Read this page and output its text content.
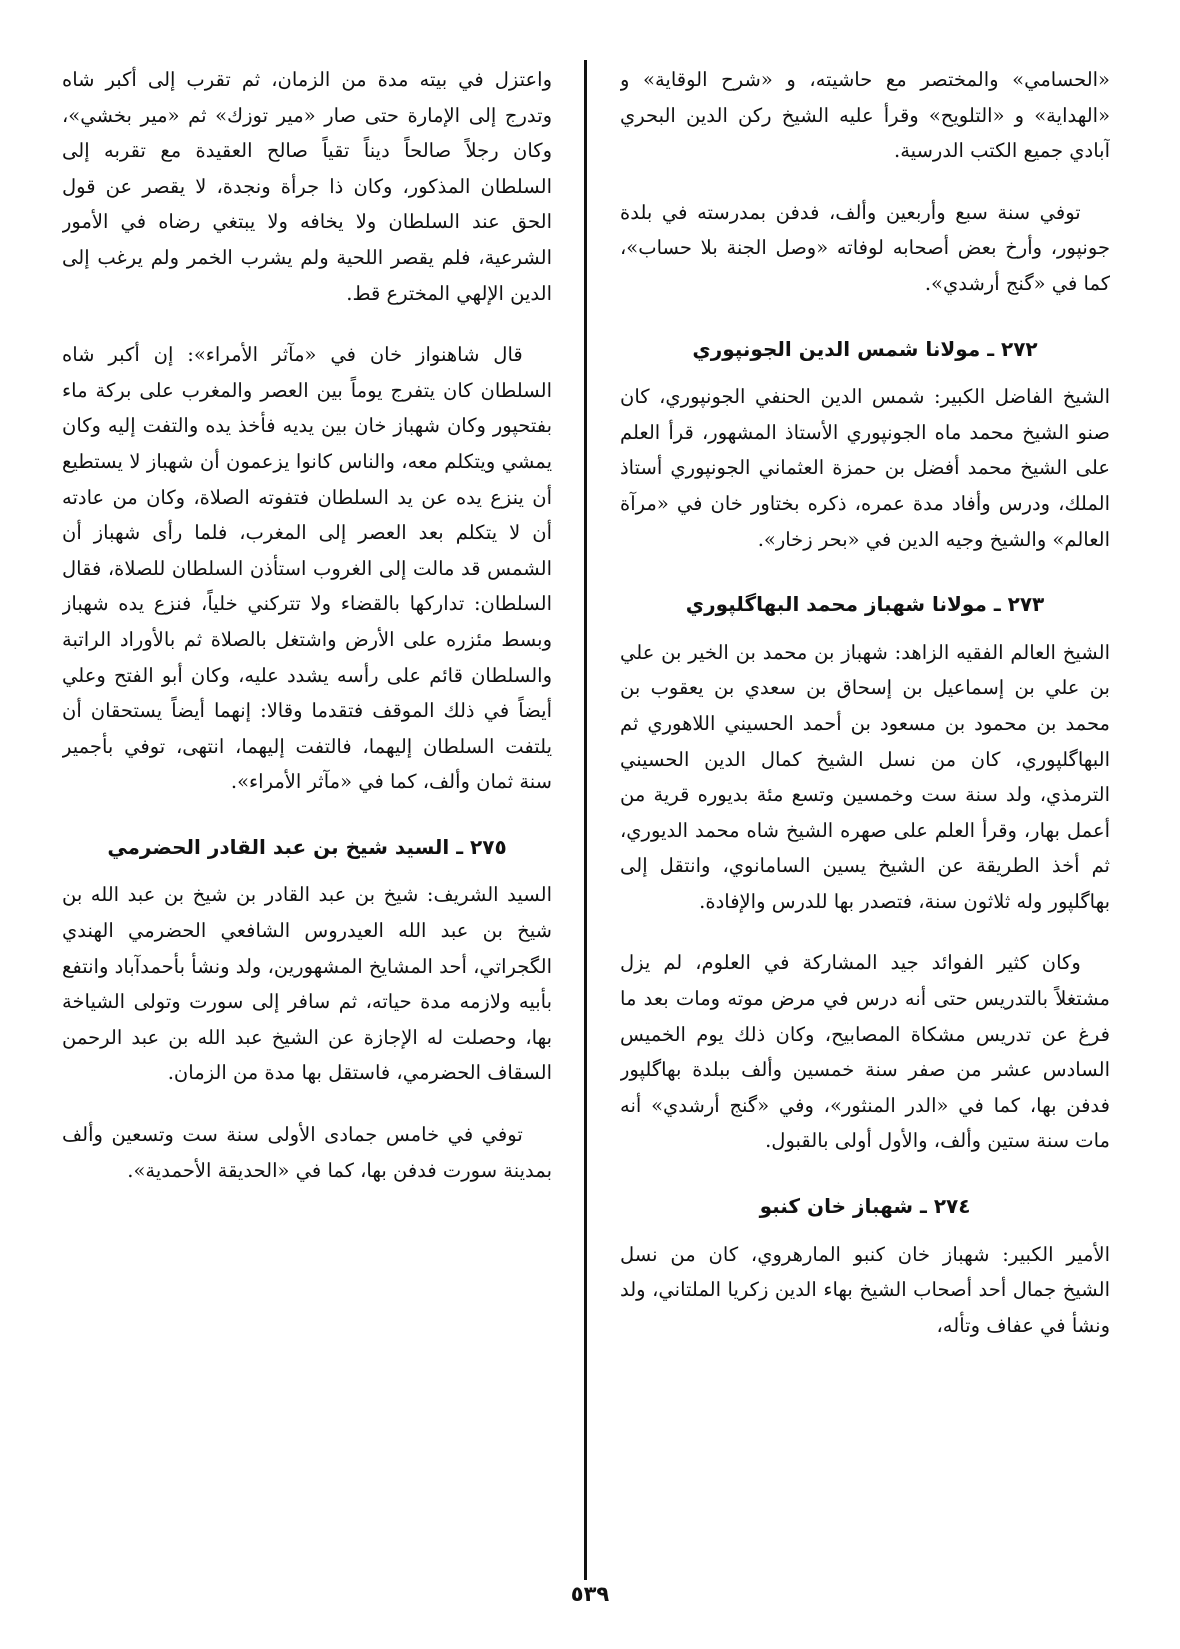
«الحسامي» والمختصر مع حاشيته، و «شرح الوقاية» و «الهداية» و «التلويح» وقرأ عليه الشيخ ركن الدين البحري آبادي جميع الكتب الدرسية.

توفي سنة سبع وأربعين وألف، فدفن بمدرسته في بلدة جونپور، وأرخ بعض أصحابه لوفاته «وصل الجنة بلا حساب»، كما في «گنج أرشدي».

٢٧٢ ـ مولانا شمس الدين الجونپوري

الشيخ الفاضل الكبير: شمس الدين الحنفي الجونپوري، كان صنو الشيخ محمد ماه الجونپوري الأستاذ المشهور، قرأ العلم على الشيخ محمد أفضل بن حمزة العثماني الجونپوري أستاذ الملك، ودرس وأفاد مدة عمره، ذكره بختاور خان في «مرآة العالم» والشيخ وجيه الدين في «بحر زخار».

٢٧٣ ـ مولانا شهباز محمد البهاگلپوري

الشيخ العالم الفقيه الزاهد: شهباز بن محمد بن الخير بن علي بن علي بن إسماعيل بن إسحاق بن سعدي بن يعقوب بن محمد بن محمود بن مسعود بن أحمد الحسيني اللاهوري ثم البهاگلپوري، كان من نسل الشيخ كمال الدين الحسيني الترمذي، ولد سنة ست وخمسين وتسع مئة بديوره قرية من أعمل بهار، وقرأ العلم على صهره الشيخ شاه محمد الديوري، ثم أخذ الطريقة عن الشيخ يسين السامانوي، وانتقل إلى بهاگلپور وله ثلاثون سنة، فتصدر بها للدرس والإفادة.

وكان كثير الفوائد جيد المشاركة في العلوم، لم يزل مشتغلاً بالتدريس حتى أنه درس في مرض موته ومات بعد ما فرغ عن تدريس مشكاة المصابيح، وكان ذلك يوم الخميس السادس عشر من صفر سنة خمسين وألف ببلدة بهاگلپور فدفن بها، كما في «الدر المنثور»، وفي «گنج أرشدي» أنه مات سنة ستين وألف، والأول أولى بالقبول.

٢٧٤ ـ شهباز خان كنبو

الأمير الكبير: شهباز خان كنبو المارهروي، كان من نسل الشيخ جمال أحد أصحاب الشيخ بهاء الدين زكريا الملتاني، ولد ونشأ في عفاف وتأله،

واعتزل في بيته مدة من الزمان، ثم تقرب إلى أكبر شاه وتدرج إلى الإمارة حتى صار «مير توزك» ثم «مير بخشي»، وكان رجلاً صالحاً ديناً تقياً صالح العقيدة مع تقربه إلى السلطان المذكور، وكان ذا جرأة ونجدة، لا يقصر عن قول الحق عند السلطان ولا يخافه ولا يبتغي رضاه في الأمور الشرعية، فلم يقصر اللحية ولم يشرب الخمر ولم يرغب إلى الدين الإلهي المخترع قط.

قال شاهنواز خان في «مآثر الأمراء»: إن أكبر شاه السلطان كان يتفرج يوماً بين العصر والمغرب على بركة ماء بفتحپور وكان شهباز خان بين يديه فأخذ يده والتفت إليه وكان يمشي ويتكلم معه، والناس كانوا يزعمون أن شهباز لا يستطيع أن ينزع يده عن يد السلطان فتفوته الصلاة، وكان من عادته أن لا يتكلم بعد العصر إلى المغرب، فلما رأى شهباز أن الشمس قد مالت إلى الغروب استأذن السلطان للصلاة، فقال السلطان: تداركها بالقضاء ولا تتركني خلياً، فنزع يده شهباز وبسط مئزره على الأرض واشتغل بالصلاة ثم بالأوراد الراتبة والسلطان قائم على رأسه يشدد عليه، وكان أبو الفتح وعلي أيضاً في ذلك الموقف فتقدما وقالا: إنهما أيضاً يستحقان أن يلتفت السلطان إليهما، فالتفت إليهما، انتهى، توفي بأجمير سنة ثمان وألف، كما في «مآثر الأمراء».

٢٧٥ ـ السيد شيخ بن عبد القادر الحضرمي

السيد الشريف: شيخ بن عبد القادر بن شيخ بن عبد الله بن شيخ بن عبد الله العيدروس الشافعي الحضرمي الهندي الگجراتي، أحد المشايخ المشهورين، ولد ونشأ بأحمدآباد وانتفع بأبيه ولازمه مدة حياته، ثم سافر إلى سورت وتولى الشياخة بها، وحصلت له الإجازة عن الشيخ عبد الله بن عبد الرحمن السقاف الحضرمي، فاستقل بها مدة من الزمان.

توفي في خامس جمادى الأولى سنة ست وتسعين وألف بمدينة سورت فدفن بها، كما في «الحديقة الأحمدية».

٥٣٩
